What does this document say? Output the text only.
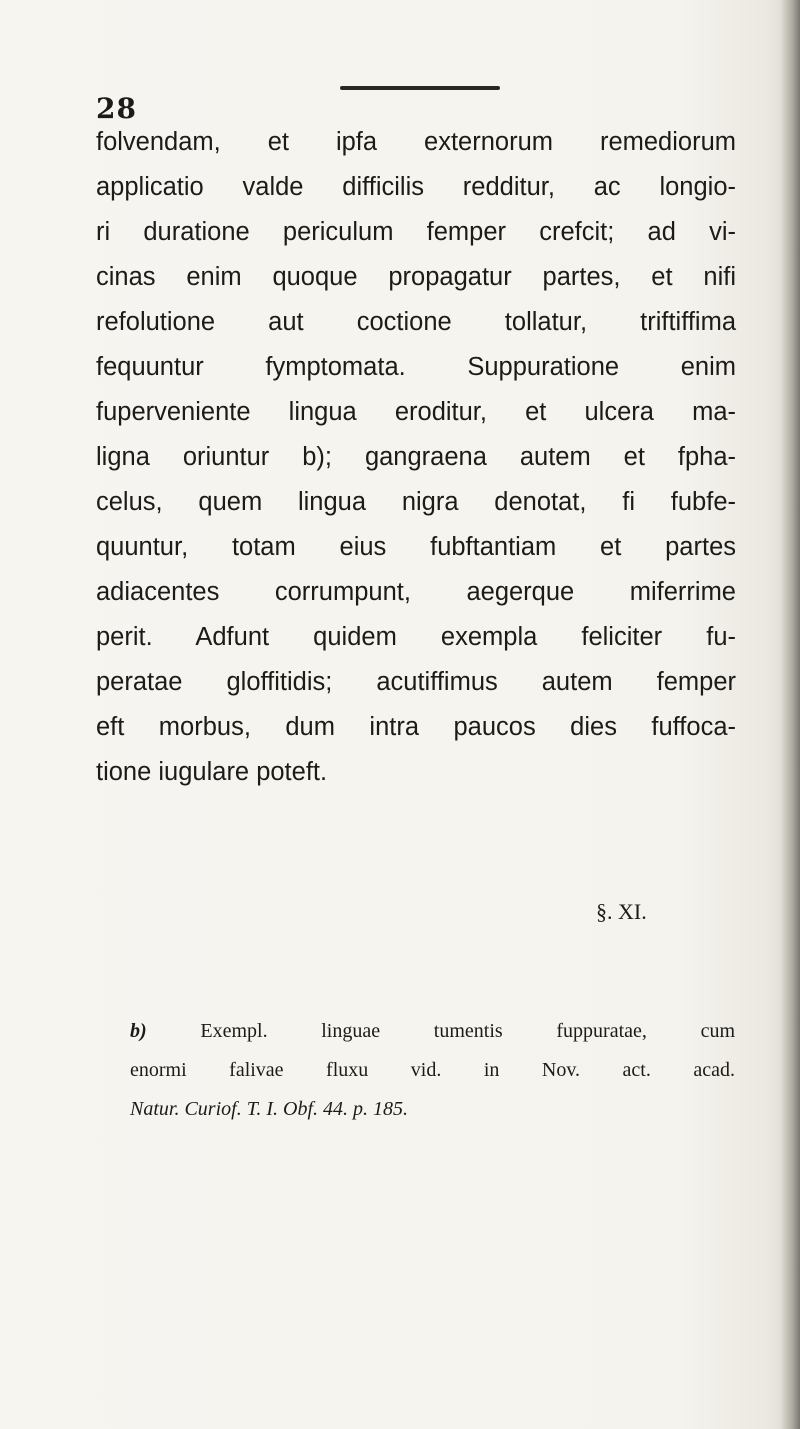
28
folvendam, et ipfa externorum remediorum
applicatio valde difficilis redditur, ac longio-
ri duratione periculum femper crefcit; ad vi-
cinas enim quoque propagatur partes, et nifi
refolutione aut coctione tollatur, triftiffima
fequuntur fymptomata. Suppuratione enim
fuperveniente lingua eroditur, et ulcera ma-
ligna oriuntur b); gangraena autem et fpha-
celus, quem lingua nigra denotat, fi fubfe-
quuntur, totam eius fubftantiam et partes
adiacentes corrumpunt, aegerque miferrime
perit. Adfunt quidem exempla feliciter fu-
peratae gloffitidis; acutiffimus autem femper
eft morbus, dum intra paucos dies fuffoca-
tione iugulare poteft.
§. XI.
b) Exempl. linguae tumentis fuppuratae, cum
enormi falivae fluxu vid. in Nov. act. acad.
Natur. Curiof. T. I. Obf. 44. p. 185.
